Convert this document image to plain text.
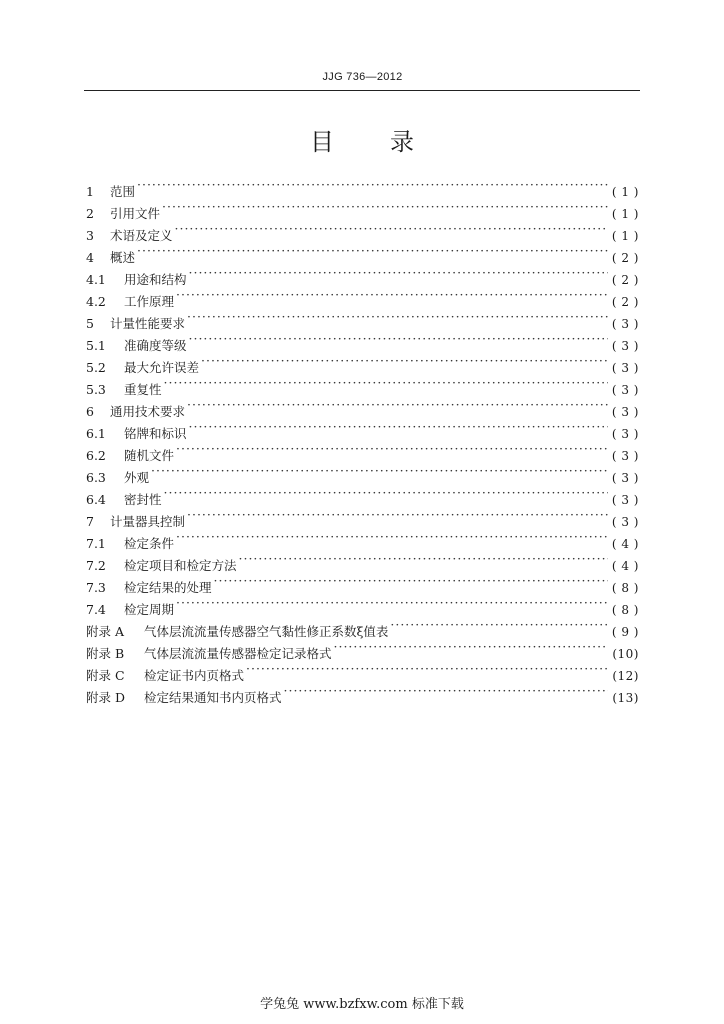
JJG 736—2012
目 录
1	范围 ·····	( 1 )
2	引用文件 ·····	( 1 )
3	术语及定义 ·····	( 1 )
4	概述 ·····	( 2 )
4.1	用途和结构 ·····	( 2 )
4.2	工作原理 ·····	( 2 )
5	计量性能要求 ·····	( 3 )
5.1	准确度等级 ·····	( 3 )
5.2	最大允许误差 ·····	( 3 )
5.3	重复性 ·····	( 3 )
6	通用技术要求 ·····	( 3 )
6.1	铭牌和标识 ·····	( 3 )
6.2	随机文件 ·····	( 3 )
6.3	外观 ·····	( 3 )
6.4	密封性 ·····	( 3 )
7	计量器具控制 ·····	( 3 )
7.1	检定条件 ·····	( 4 )
7.2	检定项目和检定方法 ·····	( 4 )
7.3	检定结果的处理 ·····	( 8 )
7.4	检定周期 ·····	( 8 )
附录 A	气体层流流量传感器空气黏性修正系数ξ值表 ·····	( 9 )
附录 B	气体层流流量传感器检定记录格式 ·····	(10)
附录 C	检定证书内页格式 ·····	(12)
附录 D	检定结果通知书内页格式 ·····	(13)
学兔兔 www.bzfxw.com 标准下载
